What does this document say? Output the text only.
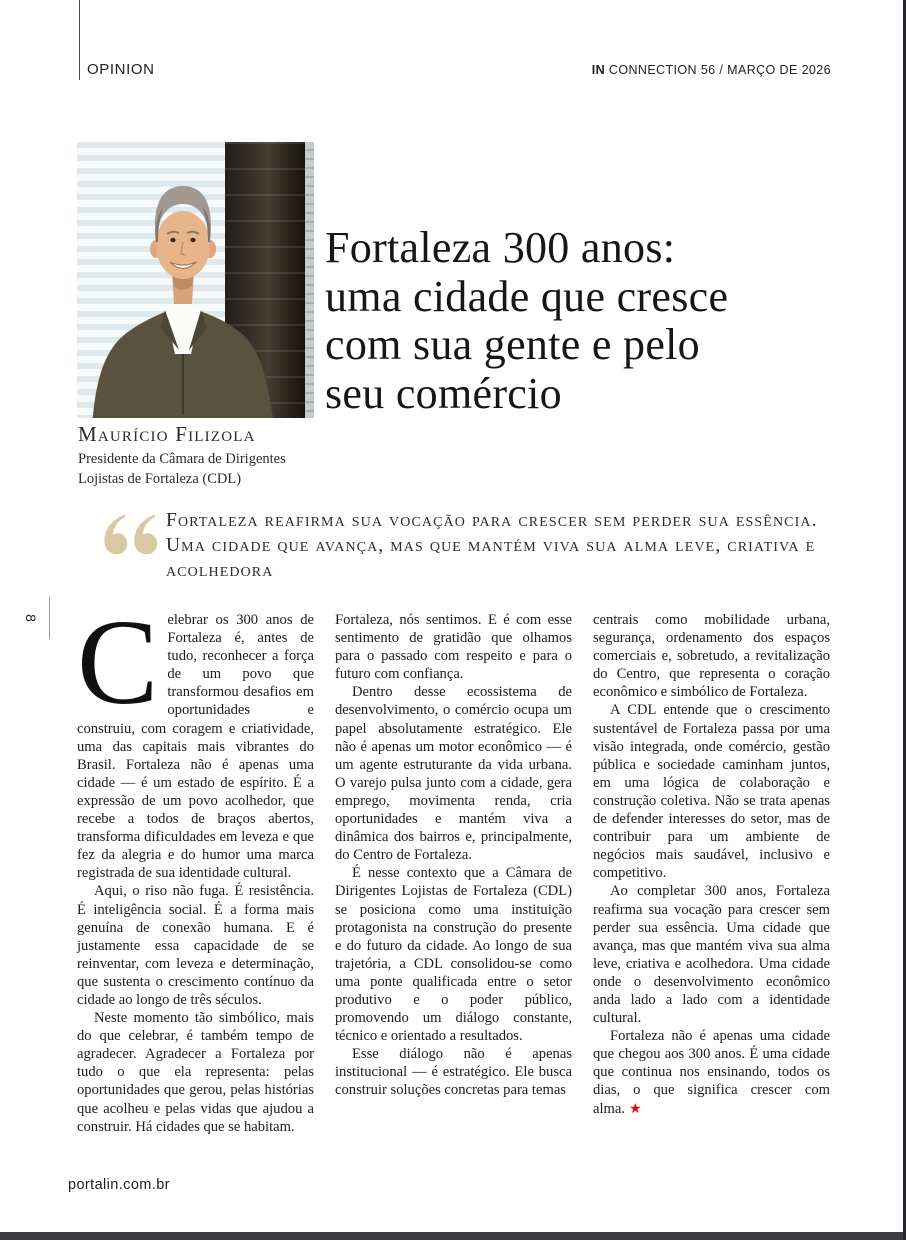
OPINION	IN CONNECTION 56 / MARÇO DE 2026
Fortaleza 300 anos:
uma cidade que cresce
com sua gente e pelo
seu comércio
Maurício Filizola
Presidente da Câmara de Dirigentes
Lojistas de Fortaleza (CDL)
Fortaleza reafirma sua vocação para crescer sem perder sua essência. Uma cidade que avança, mas que mantém viva sua alma leve, criativa e acolhedora

Celebrar os 300 anos de Fortaleza é, antes de tudo, reconhecer a força de um povo que transformou desafios em oportunidades e construiu, com coragem e criatividade, uma das capitais mais vibrantes do Brasil. Fortaleza não é apenas uma cidade — é um estado de espírito. É a expressão de um povo acolhedor, que recebe a todos de braços abertos, transforma dificuldades em leveza e que fez da alegria e do humor uma marca registrada de sua identidade cultural.

Aqui, o riso não fuga. É resistência. É inteligência social. É a forma mais genuína de conexão humana. E é justamente essa capacidade de se reinventar, com leveza e determinação, que sustenta o crescimento contínuo da cidade ao longo de três séculos.

Neste momento tão simbólico, mais do que celebrar, é também tempo de agradecer. Agradecer a Fortaleza por tudo o que ela representa: pelas oportunidades que gerou, pelas histórias que acolheu e pelas vidas que ajudou a construir. Há cidades que se habitam.

Fortaleza, nós sentimos. E é com esse sentimento de gratidão que olhamos para o passado com respeito e para o futuro com confiança.

Dentro desse ecossistema de desenvolvimento, o comércio ocupa um papel absolutamente estratégico. Ele não é apenas um motor econômico — é um agente estruturante da vida urbana. O varejo pulsa junto com a cidade, gera emprego, movimenta renda, cria oportunidades e mantém viva a dinâmica dos bairros e, principalmente, do Centro de Fortaleza.

É nesse contexto que a Câmara de Dirigentes Lojistas de Fortaleza (CDL) se posiciona como uma instituição protagonista na construção do presente e do futuro da cidade. Ao longo de sua trajetória, a CDL consolidou-se como uma ponte qualificada entre o setor produtivo e o poder público, promovendo um diálogo constante, técnico e orientado a resultados.

Esse diálogo não é apenas institucional — é estratégico. Ele busca construir soluções concretas para temas

centrais como mobilidade urbana, segurança, ordenamento dos espaços comerciais e, sobretudo, a revitalização do Centro, que representa o coração econômico e simbólico de Fortaleza.

A CDL entende que o crescimento sustentável de Fortaleza passa por uma visão integrada, onde comércio, gestão pública e sociedade caminham juntos, em uma lógica de colaboração e construção coletiva. Não se trata apenas de defender interesses do setor, mas de contribuir para um ambiente de negócios mais saudável, inclusivo e competitivo.

Ao completar 300 anos, Fortaleza reafirma sua vocação para crescer sem perder sua essência. Uma cidade que avança, mas que mantém viva sua alma leve, criativa e acolhedora. Uma cidade onde o desenvolvimento econômico anda lado a lado com a identidade cultural.

Fortaleza não é apenas uma cidade que chegou aos 300 anos. É uma cidade que continua nos ensinando, todos os dias, o que significa crescer com alma. ★

8
portalin.com.br
